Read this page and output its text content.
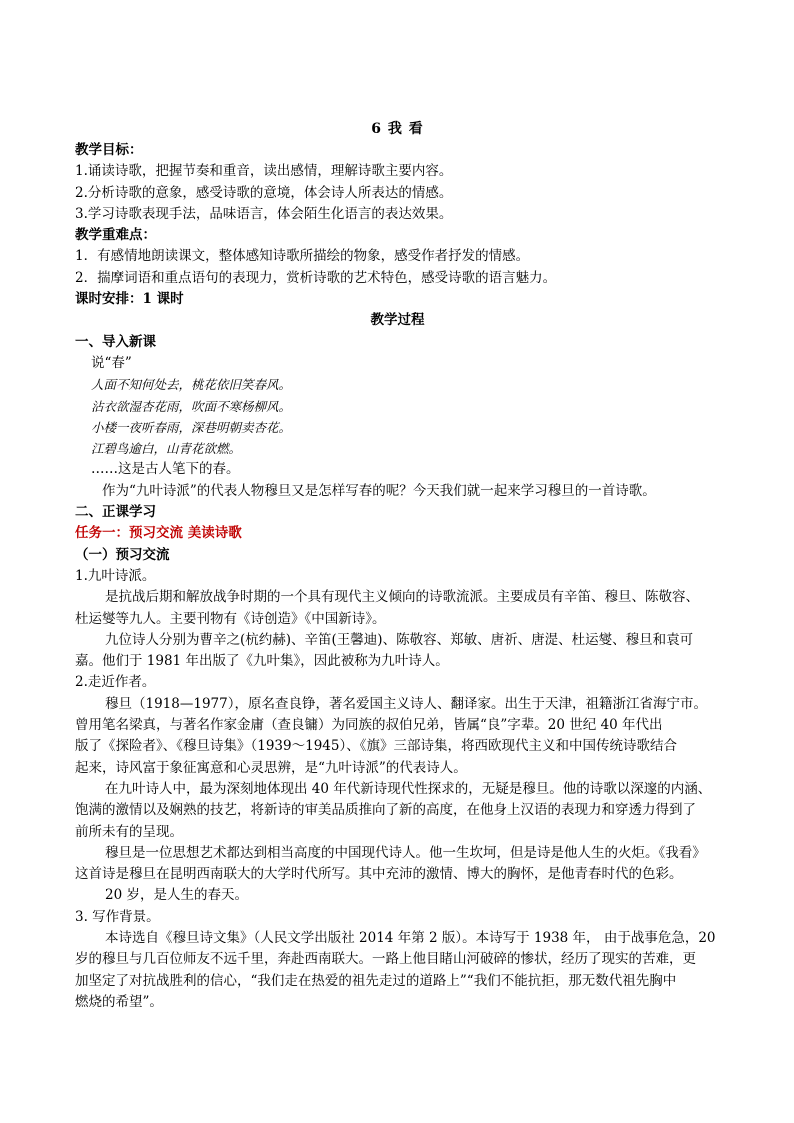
6 我 看
教学目标：
1.诵读诗歌，把握节奏和重音，读出感情，理解诗歌主要内容。
2.分析诗歌的意象，感受诗歌的意境，体会诗人所表达的情感。
3.学习诗歌表现手法，品味语言，体会陌生化语言的表达效果。
教学重难点：
1．有感情地朗读课文，整体感知诗歌所描绘的物象，感受作者抒发的情感。
2．揣摩词语和重点语句的表现力，赏析诗歌的艺术特色，感受诗歌的语言魅力。
课时安排：1 课时
教学过程
一、导入新课
说“春”
人面不知何处去，桃花依旧笑春风。
沾衣欲湿杏花雨，吹面不寒杨柳风。
小楼一夜听春雨，深巷明朝卖杏花。
江碧鸟逾白，山青花欲燃。
……这是古人笔下的春。
作为“九叶诗派”的代表人物穆旦又是怎样写春的呢？今天我们就一起来学习穆旦的一首诗歌。
二、正课学习
任务一：预习交流 美读诗歌
（一）预习交流
1.九叶诗派。
是抗战后期和解放战争时期的一个具有现代主义倾向的诗歌流派。主要成员有辛笛、穆旦、陈敬容、
杜运燮等九人。主要刊物有《诗创造》《中国新诗》。
九位诗人分别为曹辛之(杭约赫)、辛笛(王馨迪)、陈敬容、郑敏、唐祈、唐湜、杜运燮、穆旦和袁可
嘉。他们于 1981 年出版了《九叶集》，因此被称为九叶诗人。
2.走近作者。
穆旦（1918—1977），原名查良铮，著名爱国主义诗人、翻译家。出生于天津，祖籍浙江省海宁市。
曾用笔名梁真，与著名作家金庸（查良镛）为同族的叔伯兄弟，皆属“良”字辈。20 世纪 40 年代出
版了《探险者》、《穆旦诗集》（1939～1945）、《旗》三部诗集，将西欧现代主义和中国传统诗歌结合
起来，诗风富于象征寓意和心灵思辨，是“九叶诗派”的代表诗人。
在九叶诗人中，最为深刻地体现出 40 年代新诗现代性探求的，无疑是穆旦。他的诗歌以深邃的内涵、
饱满的激情以及娴熟的技艺，将新诗的审美品质推向了新的高度，在他身上汉语的表现力和穿透力得到了
前所未有的呈现。
穆旦是一位思想艺术都达到相当高度的中国现代诗人。他一生坎坷，但是诗是他人生的火炬。《我看》
这首诗是穆旦在昆明西南联大的大学时代所写。其中充沛的激情、博大的胸怀，是他青春时代的色彩。
20 岁，是人生的春天。
3. 写作背景。
本诗选自《穆旦诗文集》（人民文学出版社 2014 年第 2 版）。本诗写于 1938 年， 由于战事危急，20
岁的穆旦与几百位师友不远千里，奔赴西南联大。一路上他目睹山河破碎的惨状，经历了现实的苦难，更
加坚定了对抗战胜利的信心，“我们走在热爱的祖先走过的道路上”“我们不能抗拒，那无数代祖先胸中
燃烧的希望”。
